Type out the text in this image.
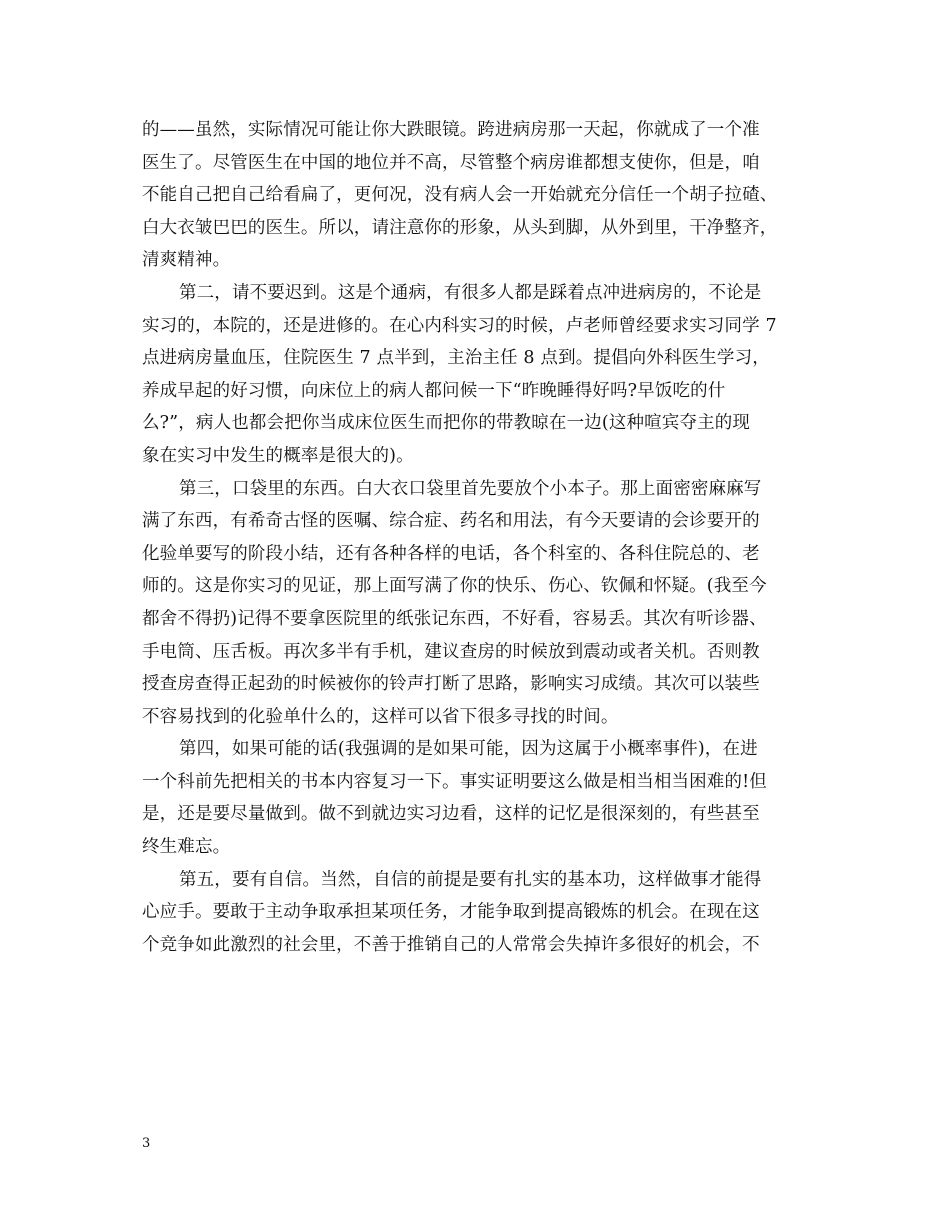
的——虽然，实际情况可能让你大跌眼镜。跨进病房那一天起，你就成了一个准
医生了。尽管医生在中国的地位并不高，尽管整个病房谁都想支使你，但是，咱
不能自己把自己给看扁了，更何况，没有病人会一开始就充分信任一个胡子拉碴、
白大衣皱巴巴的医生。所以，请注意你的形象，从头到脚，从外到里，干净整齐，
清爽精神。
第二，请不要迟到。这是个通病，有很多人都是踩着点冲进病房的，不论是
实习的，本院的，还是进修的。在心内科实习的时候，卢老师曾经要求实习同学 7
点进病房量血压，住院医生 7 点半到，主治主任 8 点到。提倡向外科医生学习，
养成早起的好习惯，向床位上的病人都问候一下“昨晚睡得好吗?早饭吃的什
么?”，病人也都会把你当成床位医生而把你的带教晾在一边(这种喧宾夺主的现
象在实习中发生的概率是很大的)。
第三，口袋里的东西。白大衣口袋里首先要放个小本子。那上面密密麻麻写
满了东西，有希奇古怪的医嘱、综合症、药名和用法，有今天要请的会诊要开的
化验单要写的阶段小结，还有各种各样的电话，各个科室的、各科住院总的、老
师的。这是你实习的见证，那上面写满了你的快乐、伤心、钦佩和怀疑。(我至今
都舍不得扔)记得不要拿医院里的纸张记东西，不好看，容易丢。其次有听诊器、
手电筒、压舌板。再次多半有手机，建议查房的时候放到震动或者关机。否则教
授查房查得正起劲的时候被你的铃声打断了思路，影响实习成绩。其次可以装些
不容易找到的化验单什么的，这样可以省下很多寻找的时间。
第四，如果可能的话(我强调的是如果可能，因为这属于小概率事件)，在进
一个科前先把相关的书本内容复习一下。事实证明要这么做是相当相当困难的!但
是，还是要尽量做到。做不到就边实习边看，这样的记忆是很深刻的，有些甚至
终生难忘。
第五，要有自信。当然，自信的前提是要有扎实的基本功，这样做事才能得
心应手。要敢于主动争取承担某项任务，才能争取到提高锻炼的机会。在现在这
个竞争如此激烈的社会里，不善于推销自己的人常常会失掉许多很好的机会，不
3
